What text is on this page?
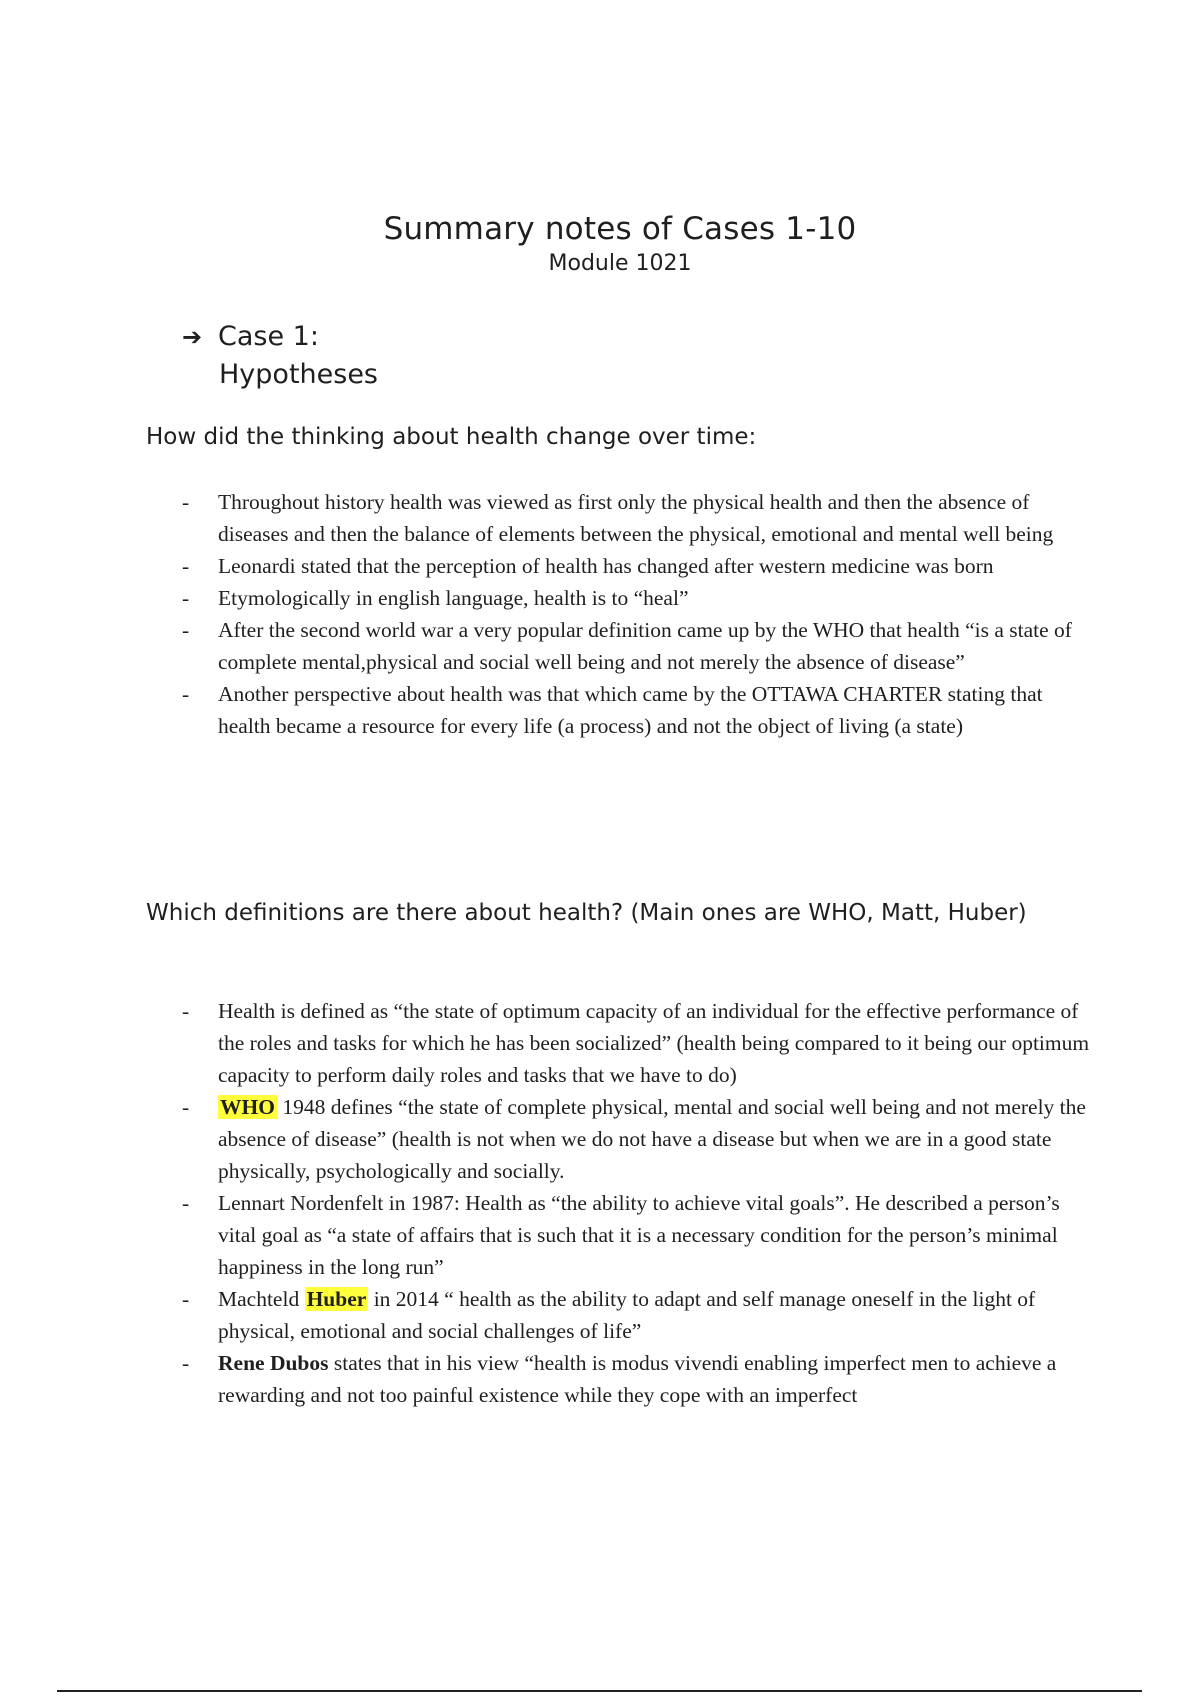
Summary notes of Cases 1-10
Module 1021
➔ Case 1:
Hypotheses
How did the thinking about health change over time:
- Throughout history health was viewed as first only the physical health and then the absence of diseases and then the balance of elements between the physical, emotional and mental well being
- Leonardi stated that the perception of health has changed after western medicine was born
- Etymologically in english language, health is to “heal”
- After the second world war a very popular definition came up by the WHO that health “is a state of complete mental,physical and social well being and not merely the absence of disease”
- Another perspective about health was that which came by the OTTAWA CHARTER stating that health became a resource for every life (a process) and not the object of living (a state)
Which definitions are there about health? (Main ones are WHO, Matt, Huber)
- Health is defined as “the state of optimum capacity of an individual for the effective performance of the roles and tasks for which he has been socialized” (health being compared to it being our optimum capacity to perform daily roles and tasks that we have to do)
- WHO 1948 defines “the state of complete physical, mental and social well being and not merely the absence of disease” (health is not when we do not have a disease but when we are in a good state physically, psychologically and socially.
- Lennart Nordenfelt in 1987: Health as “the ability to achieve vital goals”. He described a person’s vital goal as “a state of affairs that is such that it is a necessary condition for the person’s minimal happiness in the long run”
- Machteld Huber in 2014 “ health as the ability to adapt and self manage oneself in the light of physical, emotional and social challenges of life”
- Rene Dubos states that in his view “health is modus vivendi enabling imperfect men to achieve a rewarding and not too painful existence while they cope with an imperfect
